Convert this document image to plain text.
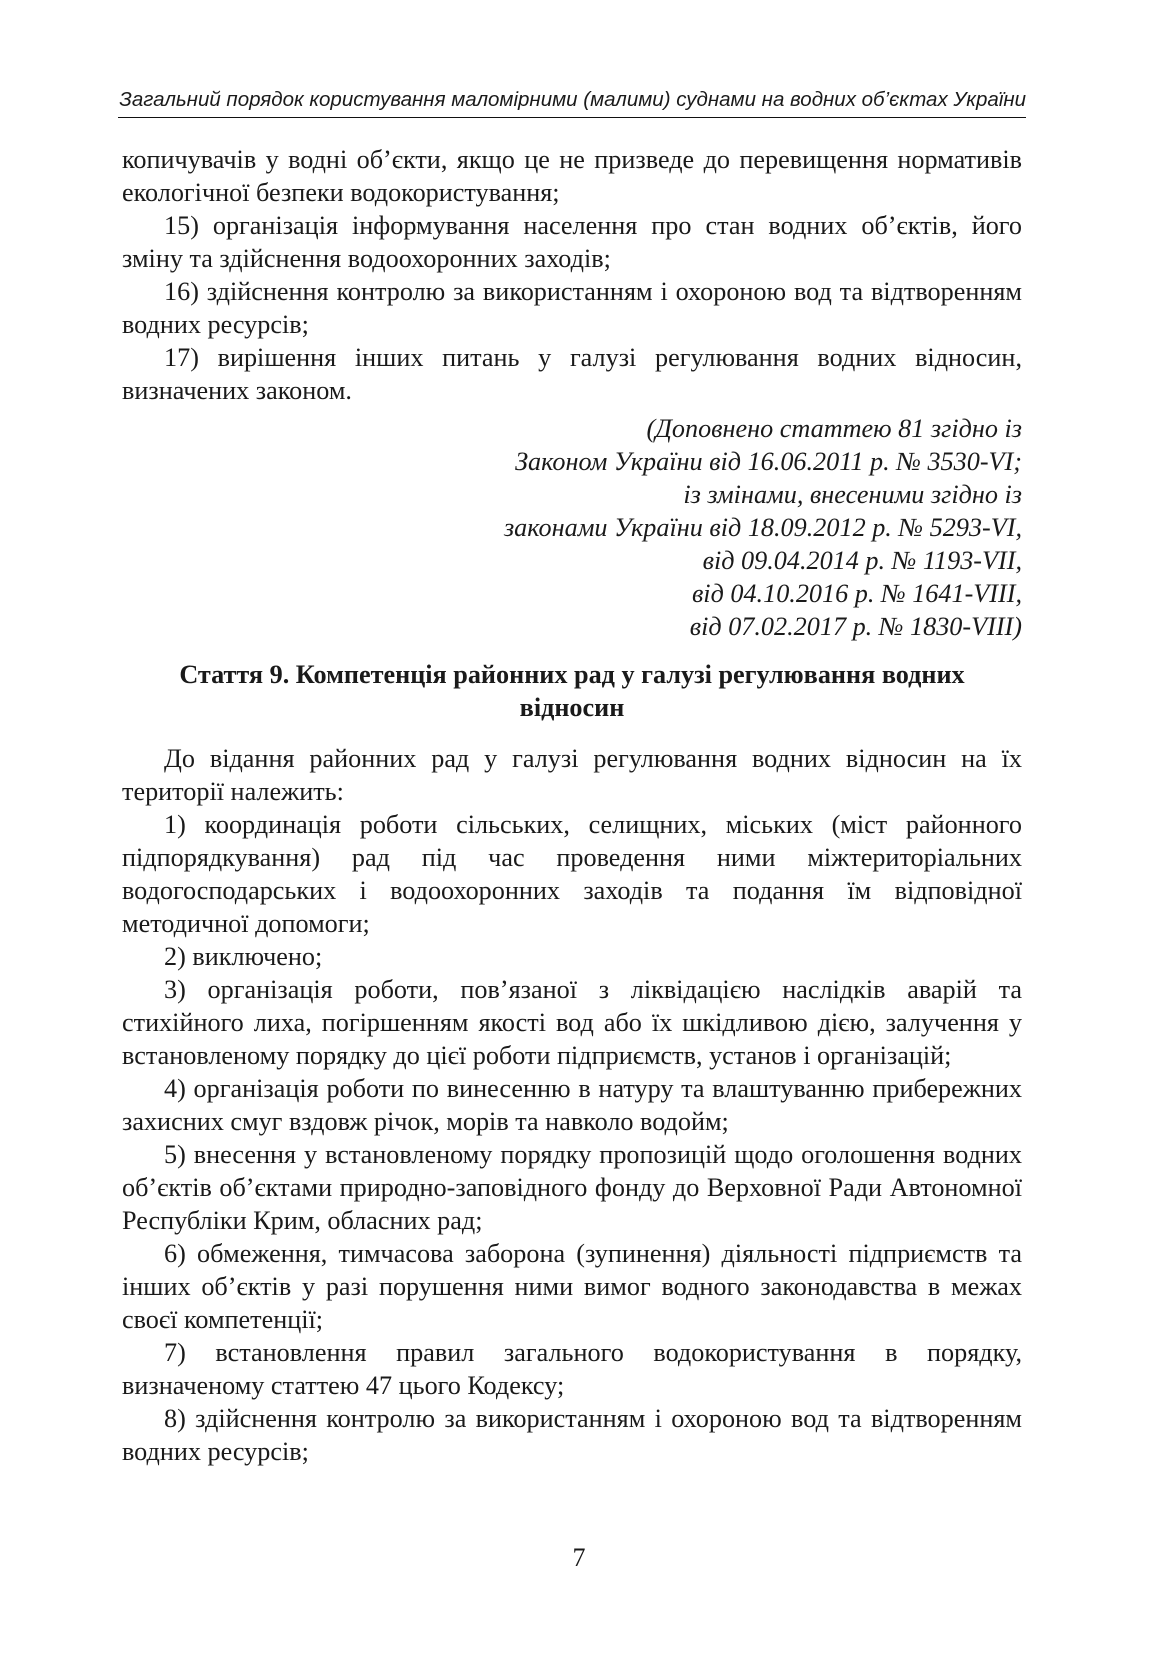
Загальний порядок користування маломірними (малими) суднами на водних об’єктах України

копичувачів у водні об’єкти, якщо це не призведе до перевищення нормативів екологічної безпеки водокористування;

15) організація інформування населення про стан водних об’єктів, його зміну та здійснення водоохоронних заходів;

16) здійснення контролю за використанням і охороною вод та відтворенням водних ресурсів;

17) вирішення інших питань у галузі регулювання водних відносин, визначених законом.

(Доповнено статтею 81 згідно із

Законом України від 16.06.2011 р. № 3530-VI;

із змінами, внесеними згідно із

законами України від 18.09.2012 р. № 5293-VI,

від 09.04.2014 р. № 1193-VII,

від 04.10.2016 р. № 1641-VIII,

від 07.02.2017 р. № 1830-VIII)

Стаття 9. Компетенція районних рад у галузі регулювання водних відносин

До відання районних рад у галузі регулювання водних відносин на їх території належить:

1) координація роботи сільських, селищних, міських (міст районного підпорядкування) рад під час проведення ними міжтериторіальних водогосподарських і водоохоронних заходів та подання їм відповідної методичної допомоги;

2) виключено;

3) організація роботи, пов’язаної з ліквідацією наслідків аварій та стихійного лиха, погіршенням якості вод або їх шкідливою дією, залучення у встановленому порядку до цієї роботи підприємств, установ і організацій;

4) організація роботи по винесенню в натуру та влаштуванню прибережних захисних смуг вздовж річок, морів та навколо водойм;

5) внесення у встановленому порядку пропозицій щодо оголошення водних об’єктів об’єктами природно-заповідного фонду до Верховної Ради Автономної Республіки Крим, обласних рад;

6) обмеження, тимчасова заборона (зупинення) діяльності підприємств та інших об’єктів у разі порушення ними вимог водного законодавства в межах своєї компетенції;

7) встановлення правил загального водокористування в порядку, визначеному статтею 47 цього Кодексу;

8) здійснення контролю за використанням і охороною вод та відтворенням водних ресурсів;

7
